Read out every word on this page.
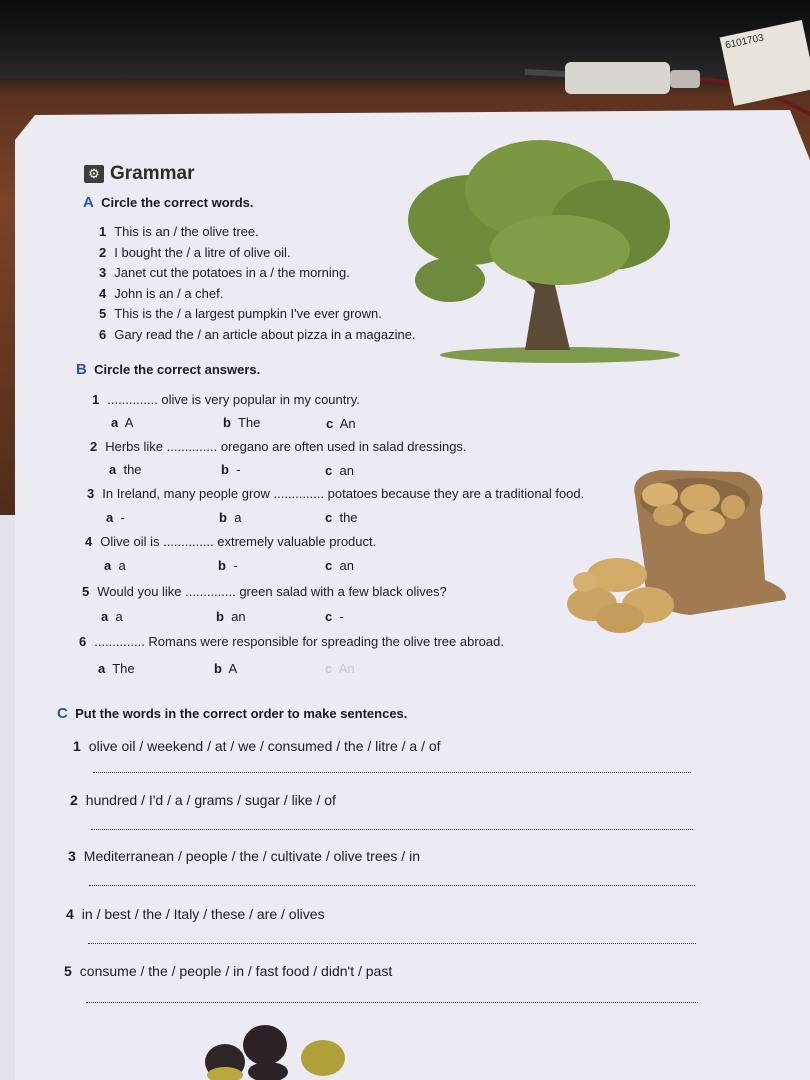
6101703
⚙ Grammar
A Circle the correct words.
1 This is an / the olive tree.
2 I bought the / a litre of olive oil.
3 Janet cut the potatoes in a / the morning.
4 John is an / a chef.
5 This is the / a largest pumpkin I've ever grown.
6 Gary read the / an article about pizza in a magazine.
B Circle the correct answers.
1 .............. olive is very popular in my country.
a A	b The	c An
2 Herbs like .............. oregano are often used in salad dressings.
a the	b -	c an
3 In Ireland, many people grow .............. potatoes because they are a traditional food.
a -	b a	c the
4 Olive oil is .............. extremely valuable product.
a a	b -	c an
5 Would you like .............. green salad with a few black olives?
a a	b an	c -
6 .............. Romans were responsible for spreading the olive tree abroad.
a The	b A	c An
C Put the words in the correct order to make sentences.
1 olive oil / weekend / at / we / consumed / the / litre / a / of
2 hundred / I'd / a / grams / sugar / like / of
3 Mediterranean / people / the / cultivate / olive trees / in
4 in / best / the / Italy / these / are / olives
5 consume / the / people / in / fast food / didn't / past
